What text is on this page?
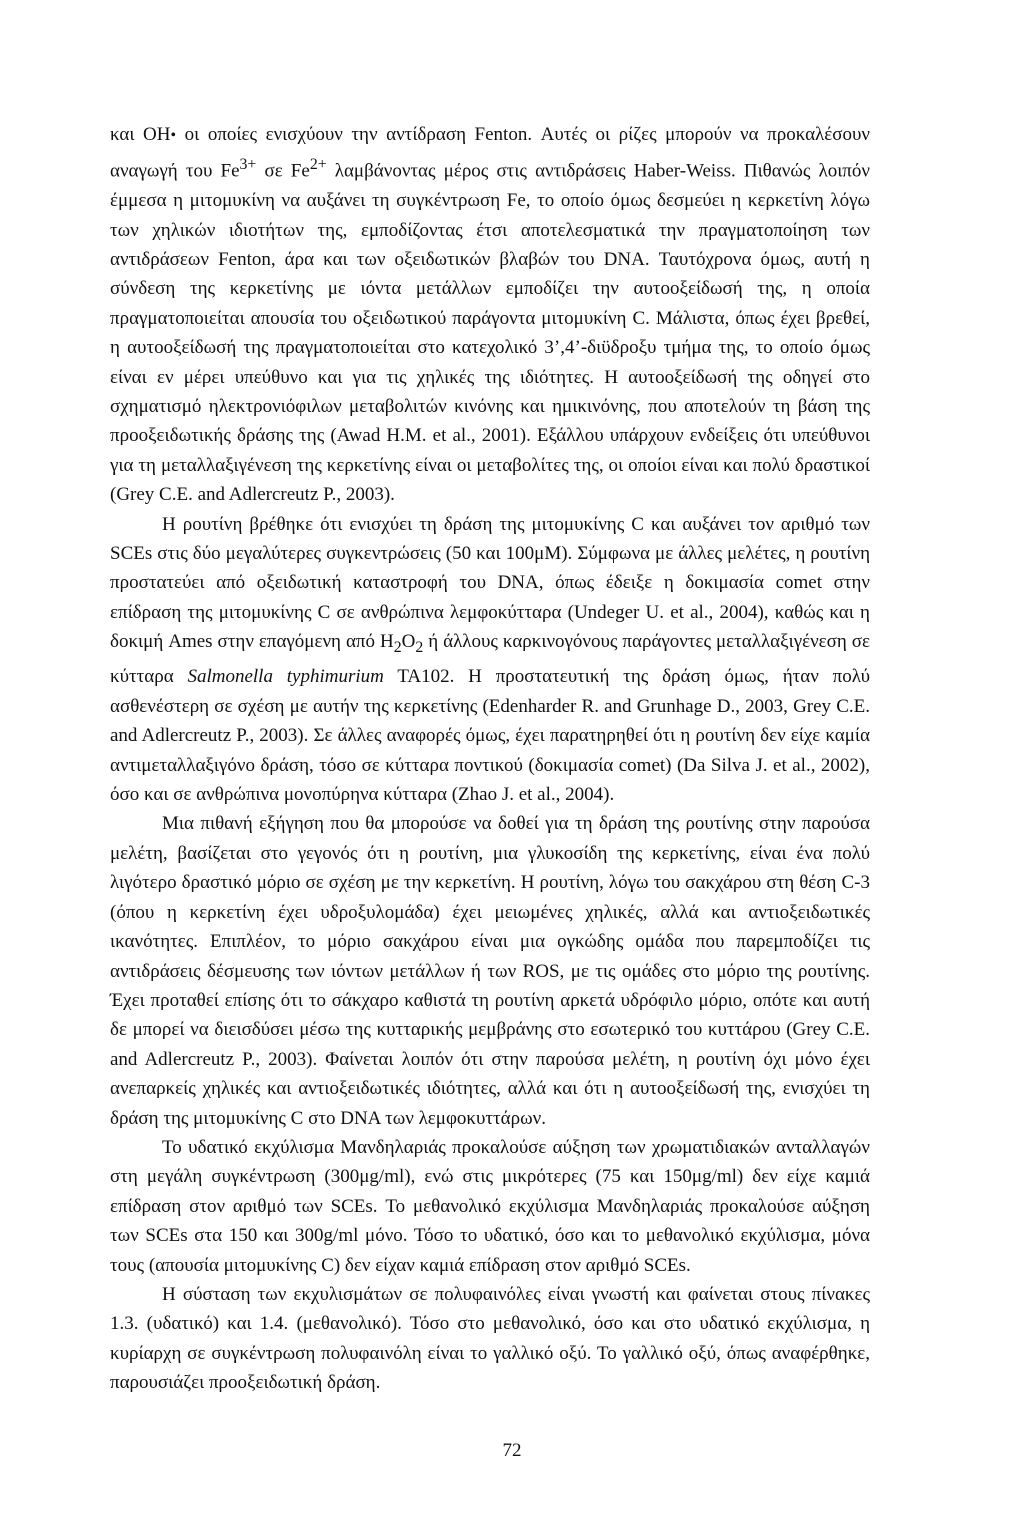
και OH• οι οποίες ενισχύουν την αντίδραση Fenton. Αυτές οι ρίζες μπορούν να προκαλέσουν αναγωγή του $Fe^{3+}$ σε $Fe^{2+}$ λαμβάνοντας μέρος στις αντιδράσεις Haber-Weiss. Πιθανώς λοιπόν έμμεσα η μιτομυκίνη να αυξάνει τη συγκέντρωση Fe, το οποίο όμως δεσμεύει η κερκετίνη λόγω των χηλικών ιδιοτήτων της, εμποδίζοντας έτσι αποτελεσματικά την πραγματοποίηση των αντιδράσεων Fenton, άρα και των οξειδωτικών βλαβών του DNA. Ταυτόχρονα όμως, αυτή η σύνδεση της κερκετίνης με ιόντα μετάλλων εμποδίζει την αυτοοξείδωσή της, η οποία πραγματοποιείται απουσία του οξειδωτικού παράγοντα μιτομυκίνη C. Μάλιστα, όπως έχει βρεθεί, η αυτοοξείδωσή της πραγματοποιείται στο κατεχολικό 3’,4’-διϋδροξυ τμήμα της, το οποίο όμως είναι εν μέρει υπεύθυνο και για τις χηλικές της ιδιότητες. Η αυτοοξείδωσή της οδηγεί στο σχηματισμό ηλεκτρονιόφιλων μεταβολιτών κινόνης και ημικινόνης, που αποτελούν τη βάση της προοξειδωτικής δράσης της (Awad H.M. et al., 2001). Εξάλλου υπάρχουν ενδείξεις ότι υπεύθυνοι για τη μεταλλαξιγένεση της κερκετίνης είναι οι μεταβολίτες της, οι οποίοι είναι και πολύ δραστικοί (Grey C.E. and Adlercreutz P., 2003).

Η ρουτίνη βρέθηκε ότι ενισχύει τη δράση της μιτομυκίνης C και αυξάνει τον αριθμό των SCEs στις δύο μεγαλύτερες συγκεντρώσεις (50 και 100μΜ). Σύμφωνα με άλλες μελέτες, η ρουτίνη προστατεύει από οξειδωτική καταστροφή του DNA, όπως έδειξε η δοκιμασία comet στην επίδραση της μιτομυκίνης C σε ανθρώπινα λεμφοκύτταρα (Undeger U. et al., 2004), καθώς και η δοκιμή Ames στην επαγόμενη από $H_2O_2$ ή άλλους καρκινογόνους παράγοντες μεταλλαξιγένεση σε κύτταρα Salmonella typhimurium TA102. Η προστατευτική της δράση όμως, ήταν πολύ ασθενέστερη σε σχέση με αυτήν της κερκετίνης (Edenharder R. and Grunhage D., 2003, Grey C.E. and Adlercreutz P., 2003). Σε άλλες αναφορές όμως, έχει παρατηρηθεί ότι η ρουτίνη δεν είχε καμία αντιμεταλλαξιγόνο δράση, τόσο σε κύτταρα ποντικού (δοκιμασία comet) (Da Silva J. et al., 2002), όσο και σε ανθρώπινα μονοπύρηνα κύτταρα (Zhao J. et al., 2004).

Μια πιθανή εξήγηση που θα μπορούσε να δοθεί για τη δράση της ρουτίνης στην παρούσα μελέτη, βασίζεται στο γεγονός ότι η ρουτίνη, μια γλυκοσίδη της κερκετίνης, είναι ένα πολύ λιγότερο δραστικό μόριο σε σχέση με την κερκετίνη. Η ρουτίνη, λόγω του σακχάρου στη θέση C-3 (όπου η κερκετίνη έχει υδροξυλομάδα) έχει μειωμένες χηλικές, αλλά και αντιοξειδωτικές ικανότητες. Επιπλέον, το μόριο σακχάρου είναι μια ογκώδης ομάδα που παρεμποδίζει τις αντιδράσεις δέσμευσης των ιόντων μετάλλων ή των ROS, με τις ομάδες στο μόριο της ρουτίνης. Έχει προταθεί επίσης ότι το σάκχαρο καθιστά τη ρουτίνη αρκετά υδρόφιλο μόριο, οπότε και αυτή δε μπορεί να διεισδύσει μέσω της κυτταρικής μεμβράνης στο εσωτερικό του κυττάρου (Grey C.E. and Adlercreutz P., 2003). Φαίνεται λοιπόν ότι στην παρούσα μελέτη, η ρουτίνη όχι μόνο έχει ανεπαρκείς χηλικές και αντιοξειδωτικές ιδιότητες, αλλά και ότι η αυτοοξείδωσή της, ενισχύει τη δράση της μιτομυκίνης C στο DNA των λεμφοκυττάρων.

Το υδατικό εκχύλισμα Μανδηλαριάς προκαλούσε αύξηση των χρωματιδιακών ανταλλαγών στη μεγάλη συγκέντρωση (300μg/ml), ενώ στις μικρότερες (75 και 150μg/ml) δεν είχε καμιά επίδραση στον αριθμό των SCEs. Το μεθανολικό εκχύλισμα Μανδηλαριάς προκαλούσε αύξηση των SCEs στα 150 και 300g/ml μόνο. Τόσο το υδατικό, όσο και το μεθανολικό εκχύλισμα, μόνα τους (απουσία μιτομυκίνης C) δεν είχαν καμιά επίδραση στον αριθμό SCEs.

Η σύσταση των εκχυλισμάτων σε πολυφαινόλες είναι γνωστή και φαίνεται στους πίνακες 1.3. (υδατικό) και 1.4. (μεθανολικό). Τόσο στο μεθανολικό, όσο και στο υδατικό εκχύλισμα, η κυρίαρχη σε συγκέντρωση πολυφαινόλη είναι το γαλλικό οξύ. Το γαλλικό οξύ, όπως αναφέρθηκε, παρουσιάζει προοξειδωτική δράση.

72
